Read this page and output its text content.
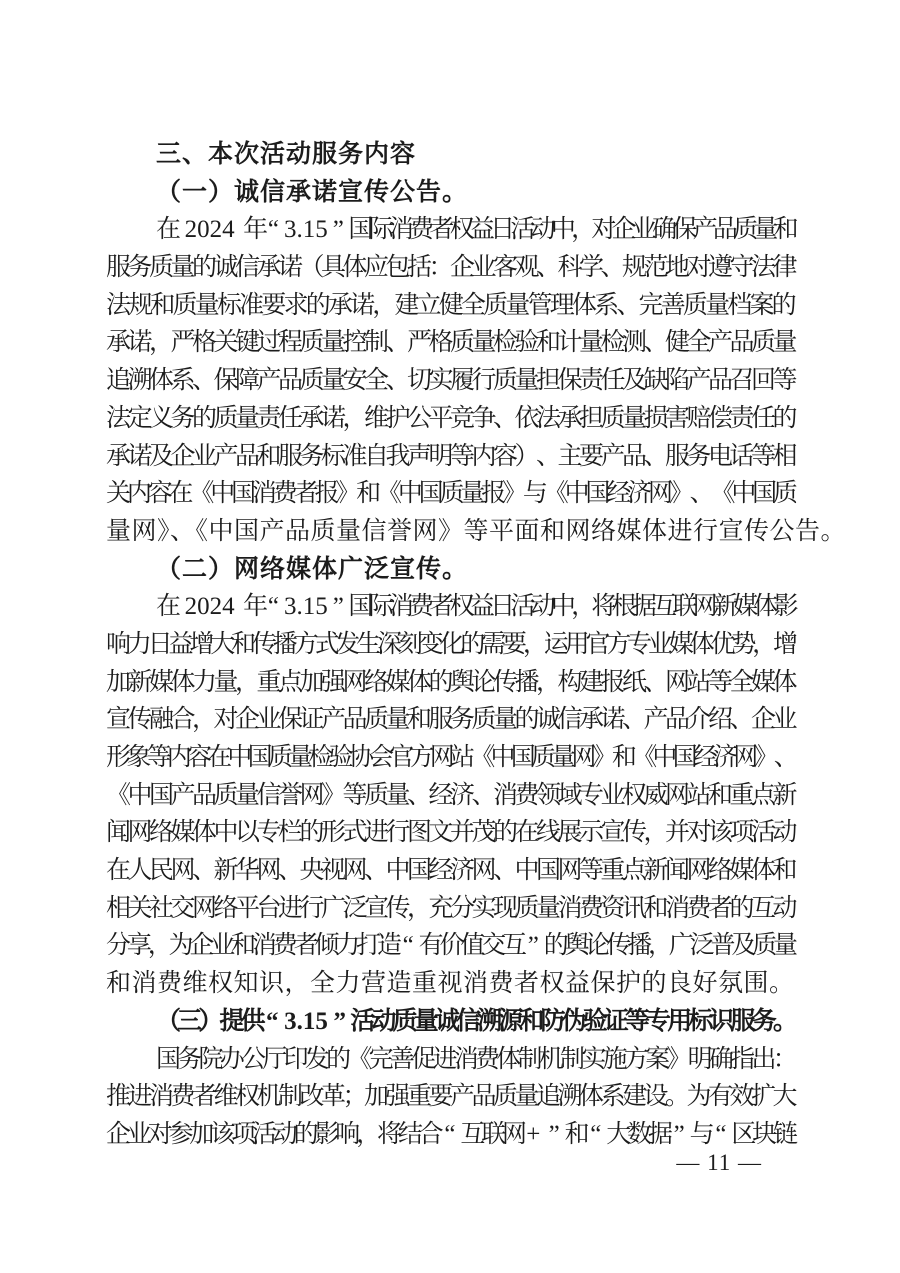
三、本次活动服务内容
（一）诚信承诺宣传公告。
在 2024 年 “ 3.15 ” 国
际
消
费
者
权
益
日
活
动
中
，
对
企
业
确
保
产
品
质
量
和
服
务
质
量
的
诚
信
承
诺
（
具
体
应
包
括
：
企
业
客
观
、
科
学
、
规
范
地
对
遵
守
法
律
法
规
和
质
量
标
准
要
求
的
承
诺
，
建
立
健
全
质
量
管
理
体
系
、
完
善
质
量
档
案
的
承
诺
，
严
格
关
键
过
程
质
量
控
制
、
严
格
质
量
检
验
和
计
量
检
测
、
健
全
产
品
质
量
追
溯
体
系
、
保
障
产
品
质
量
安
全
、
切
实
履
行
质
量
担
保
责
任
及
缺
陷
产
品
召
回
等
法
定
义
务
的
质
量
责
任
承
诺
，
维
护
公
平
竞
争
、
依
法
承
担
质
量
损
害
赔
偿
责
任
的
承
诺
及
企
业
产
品
和
服
务
标
准
自
我
声
明
等
内
容
）
、
主
要
产
品
、
服
务
电
话
等
相
关
内
容
在
《
中
国
消
费
者
报
》
和
《
中
国
质
量
报
》
与
《
中
国
经
济
网
》
、
《
中
国
质
量网》、《中国产品质量信誉网》等平面和网络媒体进行宣传公告。
（二）网络媒体广泛宣传。
在 2024 年 “ 3.15 ” 国
际
消
费
者
权
益
日
活
动
中
，
将
根
据
互
联
网
新
媒
体
影
响
力
日
益
增
大
和
传
播
方
式
发
生
深
刻
变
化
的
需
要
，
运
用
官
方
专
业
媒
体
优
势
，
增
加
新
媒
体
力
量
，
重
点
加
强
网
络
媒
体
的
舆
论
传
播
，
构
建
报
纸
、
网
站
等
全
媒
体
宣
传
融
合
，
对
企
业
保
证
产
品
质
量
和
服
务
质
量
的
诚
信
承
诺
、
产
品
介
绍
、
企
业
形
象
等
内
容
在
中
国
质
量
检
验
协
会
官
方
网
站
《
中
国
质
量
网
》
和
《
中
国
经
济
网
》
、
《
中
国
产
品
质
量
信
誉
网
》
等
质
量
、
经
济
、
消
费
领
域
专
业
权
威
网
站
和
重
点
新
闻
网
络
媒
体
中
以
专
栏
的
形
式
进
行
图
文
并
茂
的
在
线
展
示
宣
传
，
并
对
该
项
活
动
在
人
民
网
、
新
华
网
、
央
视
网
、
中
国
经
济
网
、
中
国
网
等
重
点
新
闻
网
络
媒
体
和
相
关
社
交
网
络
平
台
进
行
广
泛
宣
传
，
充
分
实
现
质
量
消
费
资
讯
和
消
费
者
的
互
动
分
享
，
为
企
业
和
消
费
者
倾
力
打
造 “ 有
价
值
交
互 ” 的
舆
论
传
播
，
广
泛
普
及
质
量
和消费维权知识，全力营造重视消费者权益保护的良好氛围。
（
三
）
提
供 “ 3.15 ” 活
动
质
量
诚
信
溯
源
和
防
伪
验
证
等
专
用
标
识
服
务
。
国
务
院
办
公
厅
印
发
的
《
完
善
促
进
消
费
体
制
机
制
实
施
方
案
》
明
确
指
出
：
推
进
消
费
者
维
权
机
制
改
革
；
加
强
重
要
产
品
质
量
追
溯
体
系
建
设
。
为
有
效
扩
大
企
业
对
参
加
该
项
活
动
的
影
响
，
将
结
合 “ 互
联
网 + ” 和 “ 大
数
据 ” 与 “ 区
块
链
— 11 —
